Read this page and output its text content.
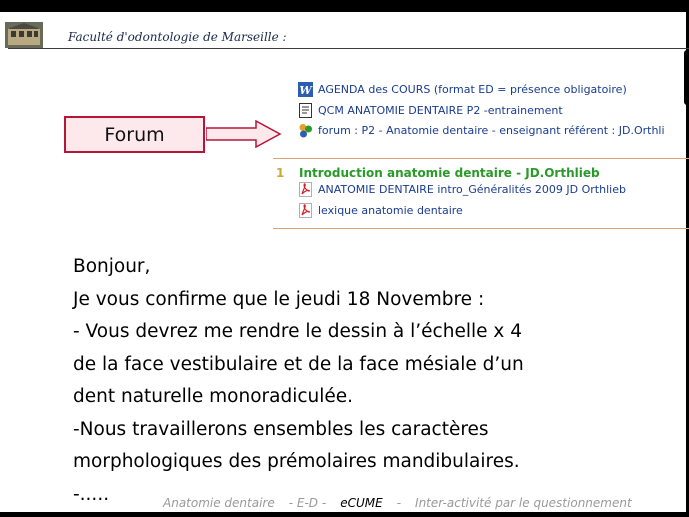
Faculté d'odontologie de Marseille :
Forum
W AGENDA des COURS (format ED = présence obligatoire)
QCM ANATOMIE DENTAIRE P2 -entrainement
forum : P2 - Anatomie dentaire - enseignant référent : JD.Orthli
1 Introduction anatomie dentaire - JD.Orthlieb
ANATOMIE DENTAIRE intro_Généralités 2009 JD Orthlieb
lexique anatomie dentaire
Bonjour,
Je vous confirme que le jeudi 18 Novembre :
- Vous devrez me rendre le dessin à l’échelle x 4
de la face vestibulaire et de la face mésiale d’un
dent naturelle monoradiculée.
-Nous travaillerons ensembles les caractères
morphologiques des prémolaires mandibulaires.
-.....	Anatomie dentaire - E-D - eCUME - Inter-activité par le questionnement
